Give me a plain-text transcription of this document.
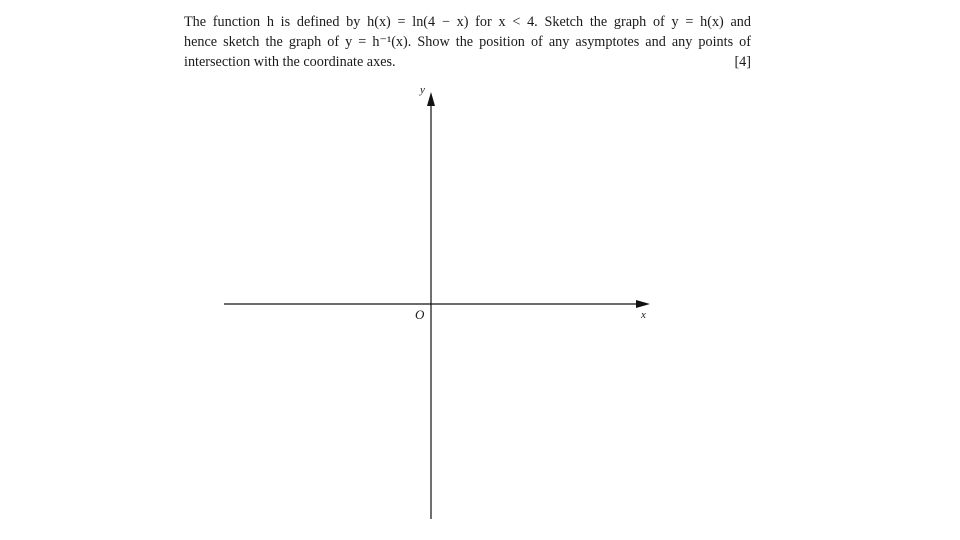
The function h is defined by h(x) = ln(4 − x) for x < 4. Sketch the graph of y = h(x) and
hence sketch the graph of y = h⁻¹(x). Show the position of any asymptotes and any points of
intersection with the coordinate axes.	[4]
y
x
O
